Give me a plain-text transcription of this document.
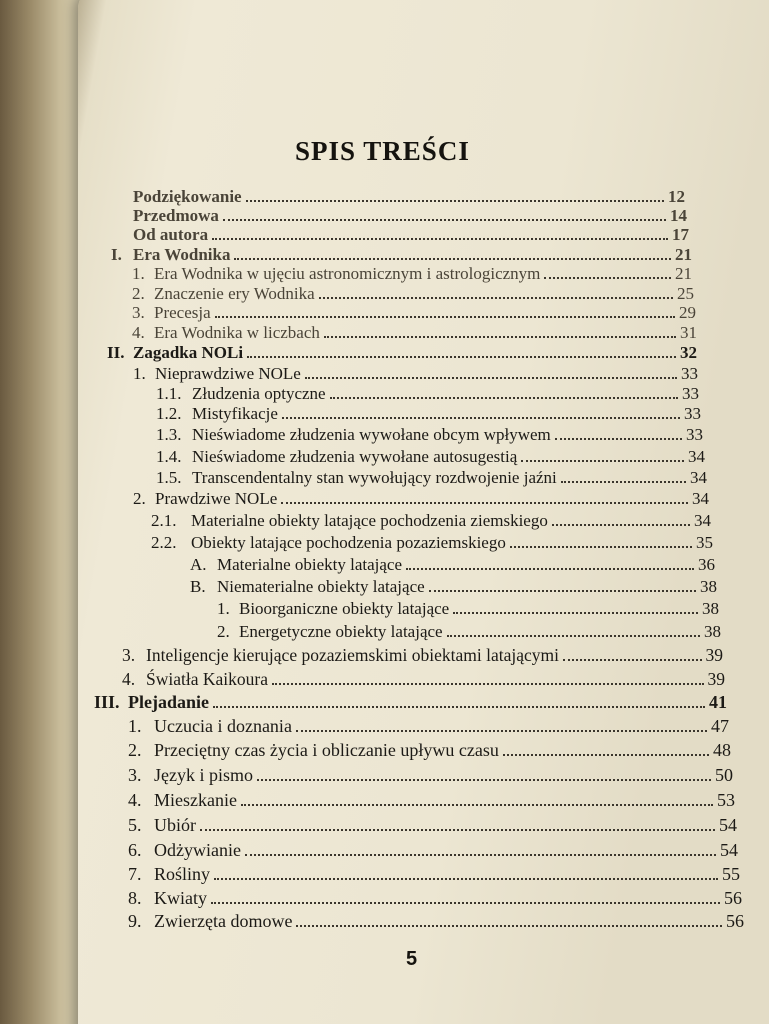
SPIS TREŚCI
Podziękowanie	12
Przedmowa	14
Od autora	17
I. Era Wodnika	21
1. Era Wodnika w ujęciu astronomicznym i astrologicznym	21
2. Znaczenie ery Wodnika	25
3. Precesja	29
4. Era Wodnika w liczbach	31
II. Zagadka NOLi	32
1. Nieprawdziwe NOLe	33
1.1. Złudzenia optyczne	33
1.2. Mistyfikacje	33
1.3. Nieświadome złudzenia wywołane obcym wpływem	33
1.4. Nieświadome złudzenia wywołane autosugestią	34
1.5. Transcendentalny stan wywołujący rozdwojenie jaźni	34
2. Prawdziwe NOLe	34
2.1. Materialne obiekty latające pochodzenia ziemskiego	34
2.2. Obiekty latające pochodzenia pozaziemskiego	35
A. Materialne obiekty latające	36
B. Niematerialne obiekty latające	38
1. Bioorganiczne obiekty latające	38
2. Energetyczne obiekty latające	38
3. Inteligencje kierujące pozaziemskimi obiektami latającymi	39
4. Światła Kaikoura	39
III. Plejadanie	41
1. Uczucia i doznania	47
2. Przeciętny czas życia i obliczanie upływu czasu	48
3. Język i pismo	50
4. Mieszkanie	53
5. Ubiór	54
6. Odżywianie	54
7. Rośliny	55
8. Kwiaty	56
9. Zwierzęta domowe	56
5
